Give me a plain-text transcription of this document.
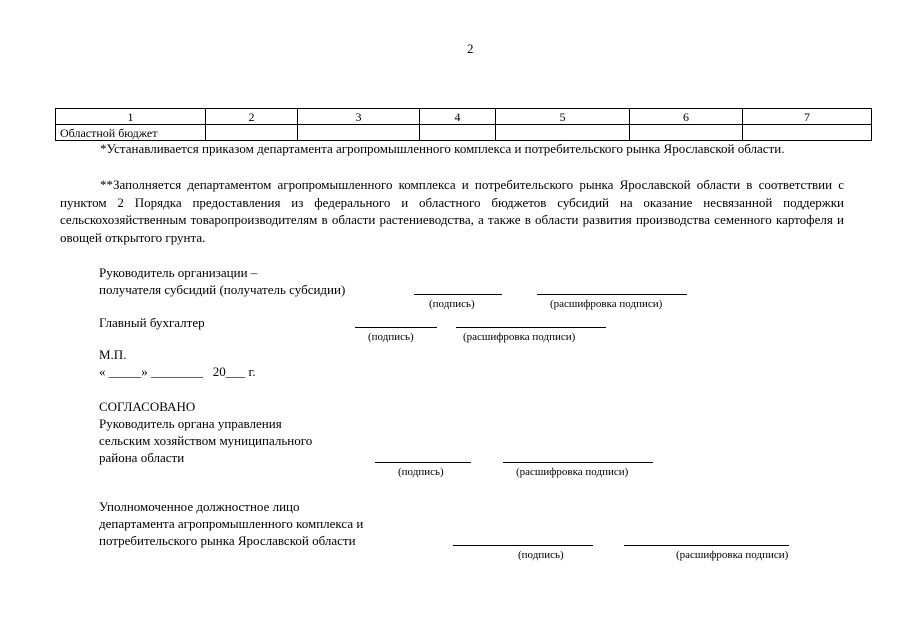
2
1	2	3	4	5	6	7
Областной бюджет						
*Устанавливается приказом департамента агропромышленного комплекса и потребительского рынка Ярославской области.
**Заполняется департаментом агропромышленного комплекса и потребительского рынка Ярославской области в соответствии с пунктом 2 Порядка предоставления из федерального и областного бюджетов субсидий на оказание несвязанной поддержки сельскохозяйственным товаропроизводителям в области растениеводства, а также в области развития производства семенного картофеля и овощей открытого грунта.
Руководитель организации –
получателя субсидий (получатель субсидии)
(подпись)	(расшифровка подписи)
Главный бухгалтер
(подпись)	(расшифровка подписи)
М.П.
« _____» ________   20___ г.
СОГЛАСОВАНО
Руководитель органа управления
сельским хозяйством муниципального
района области
(подпись)	(расшифровка подписи)
Уполномоченное должностное лицо
департамента агропромышленного комплекса и
потребительского рынка Ярославской области
(подпись)	(расшифровка подписи)
